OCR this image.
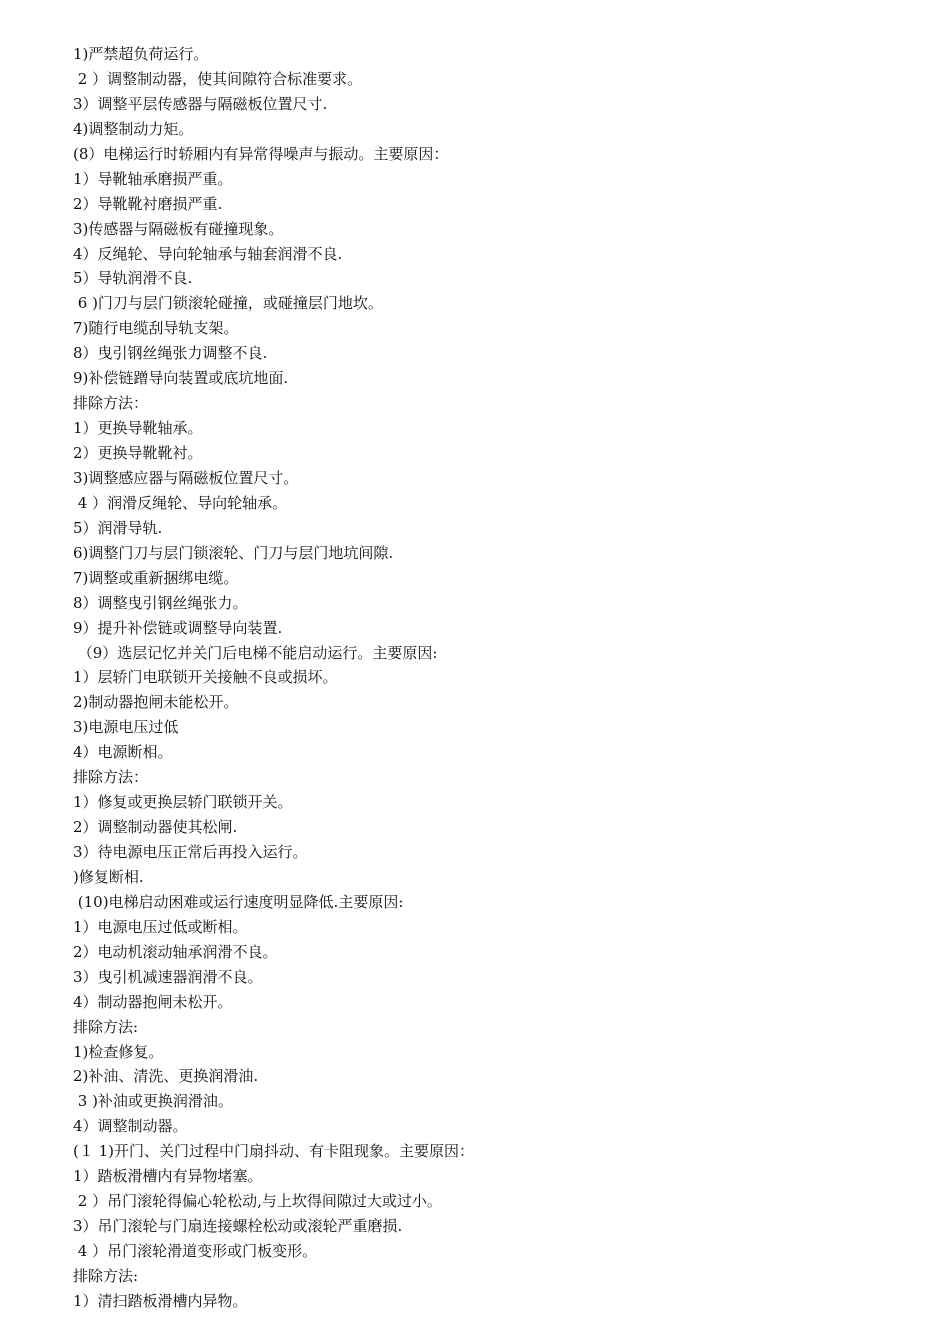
1)严禁超负荷运行。
2 ）调整制动器，使其间隙符合标准要求。
3）调整平层传感器与隔磁板位置尺寸.
4)调整制动力矩。
(8）电梯运行时轿厢内有异常得噪声与振动。主要原因：
1）导靴轴承磨损严重。
2）导靴靴衬磨损严重.
3)传感器与隔磁板有碰撞现象。
4）反绳轮、导向轮轴承与轴套润滑不良.
5）导轨润滑不良.
6 )门刀与层门锁滚轮碰撞，或碰撞层门地坎。
7)随行电缆刮导轨支架。
8）曳引钢丝绳张力调整不良.
9)补偿链蹭导向装置或底坑地面.
排除方法：
1）更换导靴轴承。
2）更换导靴靴衬。
3)调整感应器与隔磁板位置尺寸。
4 ）润滑反绳轮、导向轮轴承。
5）润滑导轨.
6)调整门刀与层门锁滚轮、门刀与层门地坑间隙.
7)调整或重新捆绑电缆。
8）调整曳引钢丝绳张力。
9）提升补偿链或调整导向装置.
（9）选层记忆并关门后电梯不能启动运行。主要原因:
1）层轿门电联锁开关接触不良或损坏。
2)制动器抱闸未能松开。
3)电源电压过低
4）电源断相。
排除方法：
1）修复或更换层轿门联锁开关。
2）调整制动器使其松闸.
3）待电源电压正常后再投入运行。
)修复断相.
(10)电梯启动困难或运行速度明显降低.主要原因:
1）电源电压过低或断相。
2）电动机滚动轴承润滑不良。
3）曳引机减速器润滑不良。
4）制动器抱闸未松开。
排除方法:
1)检查修复。
2)补油、清洗、更换润滑油.
3 )补油或更换润滑油。
4）调整制动器。
(１ 1)开门、关门过程中门扇抖动、有卡阻现象。主要原因：
1）踏板滑槽内有异物堵塞。
2 ）吊门滚轮得偏心轮松动,与上坎得间隙过大或过小。
3）吊门滚轮与门扇连接螺栓松动或滚轮严重磨损.
4 ）吊门滚轮滑道变形或门板变形。
排除方法:
1）清扫踏板滑槽内异物。
